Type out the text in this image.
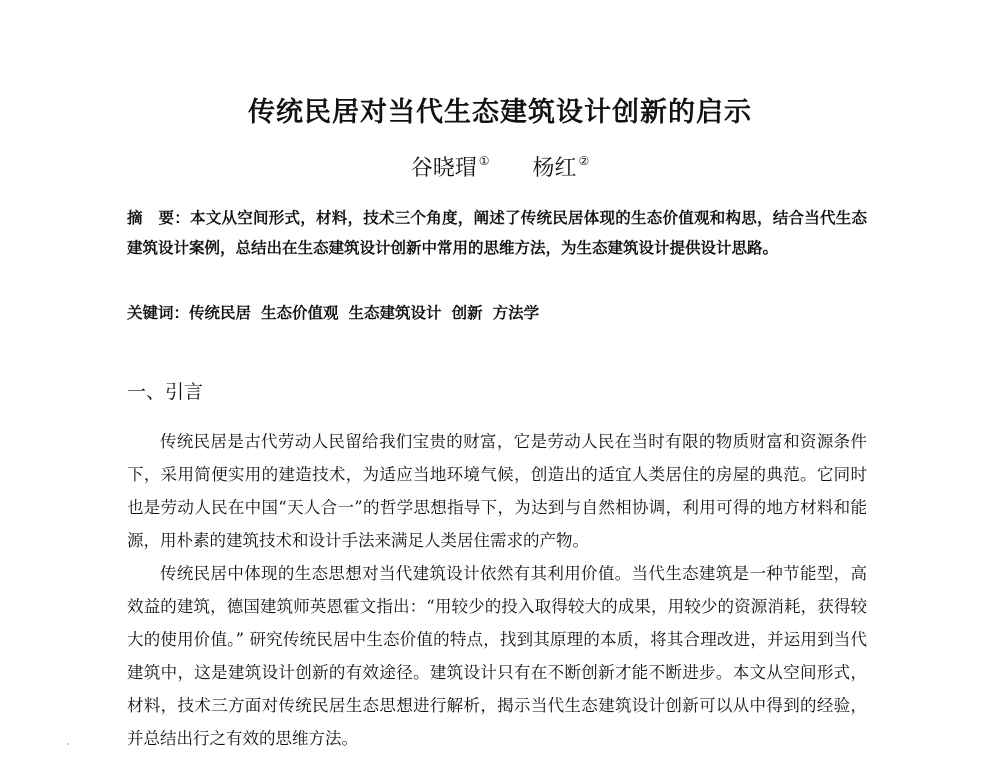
传统民居对当代生态建筑设计创新的启示
谷晓瑁 ① 杨红 ②
摘　要：本文从空间形式，材料，技术三个角度，阐述了传统民居体现的生态价值观和构思，结合当代生态建筑设计案例，总结出在生态建筑设计创新中常用的思维方法，为生态建筑设计提供设计思路。
关键词：传统民居 生态价值观 生态建筑设计 创新 方法学
一、引言

传统民居是古代劳动人民留给我们宝贵的财富，它是劳动人民在当时有限的物质财富和资源条件下，采用简便实用的建造技术，为适应当地环境气候，创造出的适宜人类居住的房屋的典范。它同时也是劳动人民在中国“天人合一”的哲学思想指导下，为达到与自然相协调，利用可得的地方材料和能源，用朴素的建筑技术和设计手法来满足人类居住需求的产物。

传统民居中体现的生态思想对当代建筑设计依然有其利用价值。当代生态建筑是一种节能型，高效益的建筑，德国建筑师英恩霍文指出：“用较少的投入取得较大的成果，用较少的资源消耗，获得较大的使用价值。” 研究传统民居中生态价值的特点，找到其原理的本质，将其合理改进，并运用到当代建筑中，这是建筑设计创新的有效途径。建筑设计只有在不断创新才能不断进步。本文从空间形式，材料，技术三方面对传统民居生态思想进行解析，揭示当代生态建筑设计创新可以从中得到的经验，并总结出行之有效的思维方法。
